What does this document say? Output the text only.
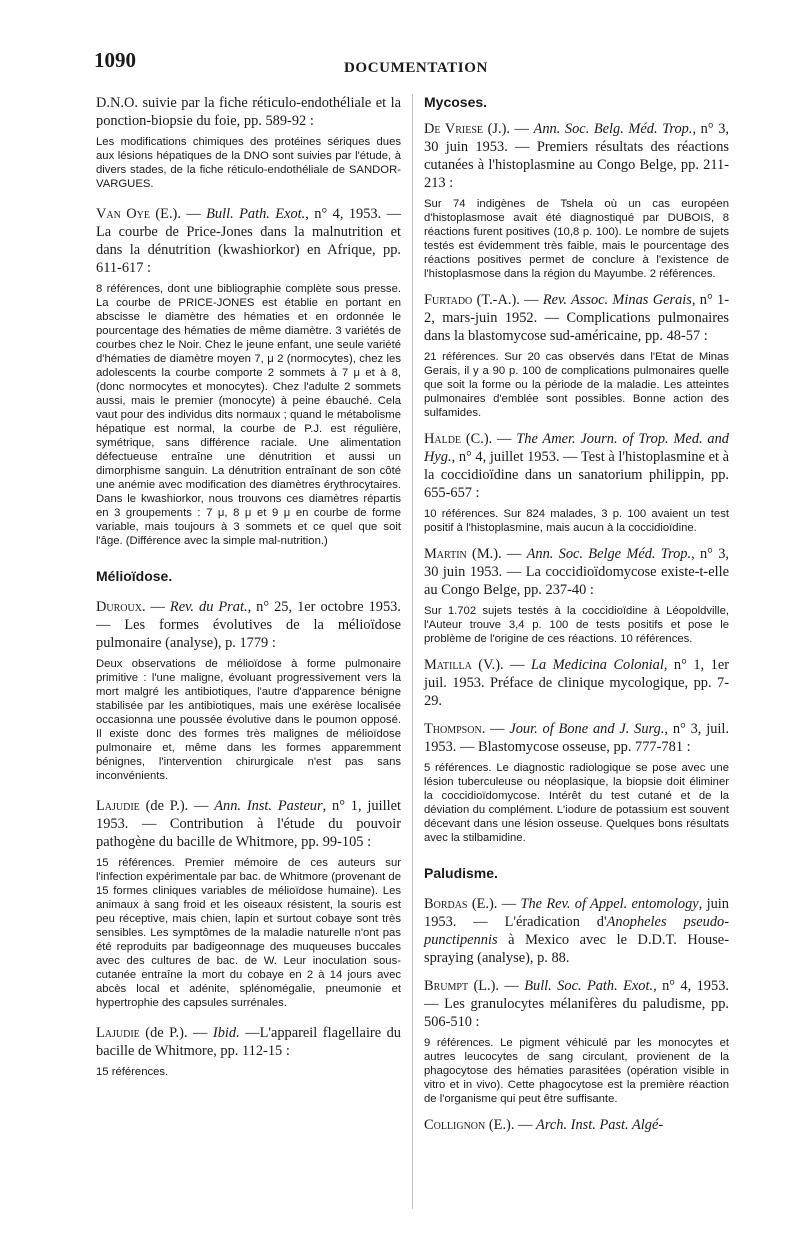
1090	DOCUMENTATION

D.N.O. suivie par la fiche réticulo-endothéliale et la ponction-biopsie du foie, pp. 589-92 :

Les modifications chimiques des protéines sériques dues aux lésions hépatiques de la DNO sont suivies par l'étude, à divers stades, de la fiche réticulo-endothéliale de SANDOR-VARGUES.

Van Oye (E.). — Bull. Path. Exot., n° 4, 1953. — La courbe de Price-Jones dans la malnutrition et dans la dénutrition (kwashiorkor) en Afrique, pp. 611-617 :

8 références, dont une bibliographie complète sous presse. La courbe de PRICE-JONES est établie en portant en abscisse le diamètre des hématies et en ordonnée le pourcentage des hématies de même diamètre. 3 variétés de courbes chez le Noir. Chez le jeune enfant, une seule variété d'hématies de diamètre moyen 7, μ 2 (normocytes), chez les adolescents la courbe comporte 2 sommets à 7 μ et à 8, (donc normocytes et monocytes). Chez l'adulte 2 sommets aussi, mais le premier (monocyte) à peine ébauché. Cela vaut pour des individus dits normaux ; quand le métabolisme hépatique est normal, la courbe de P.J. est régulière, symétrique, sans différence raciale. Une alimentation défectueuse entraîne une dénutrition et aussi un dimorphisme sanguin. La dénutrition entraînant de son côté une anémie avec modification des diamètres érythrocytaires. Dans le kwashiorkor, nous trouvons ces diamètres répartis en 3 groupements : 7 μ, 8 μ et 9 μ en courbe de forme variable, mais toujours à 3 sommets et ce quel que soit l'âge. (Différence avec la simple mal-nutrition.)

Mélioïdose.

Duroux. — Rev. du Prat., n° 25, 1er octobre 1953. — Les formes évolutives de la mélioïdose pulmonaire (analyse), p. 1779 :

Deux observations de mélioïdose à forme pulmonaire primitive : l'une maligne, évoluant progressivement vers la mort malgré les antibiotiques, l'autre d'apparence bénigne stabilisée par les antibiotiques, mais une exérèse localisée occasionna une poussée évolutive dans le poumon opposé. Il existe donc des formes très malignes de mélioïdose pulmonaire et, même dans les formes apparemment bénignes, l'intervention chirurgicale n'est pas sans inconvénients.

Lajudie (de P.). — Ann. Inst. Pasteur, n° 1, juillet 1953. — Contribution à l'étude du pouvoir pathogène du bacille de Whitmore, pp. 99-105 :

15 références. Premier mémoire de ces auteurs sur l'infection expérimentale par bac. de Whitmore (provenant de 15 formes cliniques variables de mélioïdose humaine). Les animaux à sang froid et les oiseaux résistent, la souris est peu réceptive, mais chien, lapin et surtout cobaye sont très sensibles. Les symptômes de la maladie naturelle n'ont pas été reproduits par badigeonnage des muqueuses buccales avec des cultures de bac. de W. Leur inoculation sous-cutanée entraîne la mort du cobaye en 2 à 14 jours avec abcès local et adénite, splénomégalie, pneumonie et hypertrophie des capsules surrénales.

Lajudie (de P.). — Ibid. —L'appareil flagellaire du bacille de Whitmore, pp. 112-15 :

15 références.

Mycoses.

De Vriese (J.). — Ann. Soc. Belg. Méd. Trop., n° 3, 30 juin 1953. — Premiers résultats des réactions cutanées à l'histoplasmine au Congo Belge, pp. 211-213 :

Sur 74 indigènes de Tshela où un cas européen d'histoplasmose avait été diagnostiqué par DUBOIS, 8 réactions furent positives (10,8 p. 100). Le nombre de sujets testés est évidemment très faible, mais le pourcentage des réactions positives permet de conclure à l'existence de l'histoplasmose dans la région du Mayumbe. 2 références.

Furtado (T.-A.). — Rev. Assoc. Minas Gerais, n° 1-2, mars-juin 1952. — Complications pulmonaires dans la blastomycose sud-américaine, pp. 48-57 :

21 références. Sur 20 cas observés dans l'Etat de Minas Gerais, il y a 90 p. 100 de complications pulmonaires quelle que soit la forme ou la période de la maladie. Les atteintes pulmonaires d'emblée sont possibles. Bonne action des sulfamides.

Halde (C.). — The Amer. Journ. of Trop. Med. and Hyg., n° 4, juillet 1953. — Test à l'histoplasmine et à la coccidioïdine dans un sanatorium philippin, pp. 655-657 :

10 références. Sur 824 malades, 3 p. 100 avaient un test positif à l'histoplasmine, mais aucun à la coccidioïdine.

Martin (M.). — Ann. Soc. Belge Méd. Trop., n° 3, 30 juin 1953. — La coccidioïdomycose existe-t-elle au Congo Belge, pp. 237-40 :

Sur 1.702 sujets testés à la coccidioïdine à Léopoldville, l'Auteur trouve 3,4 p. 100 de tests positifs et pose le problème de l'origine de ces réactions. 10 références.

Matilla (V.). — La Medicina Colonial, n° 1, 1er juil. 1953. Préface de clinique mycologique, pp. 7-29.

Thompson. — Jour. of Bone and J. Surg., n° 3, juil. 1953. — Blastomycose osseuse, pp. 777-781 :

5 références. Le diagnostic radiologique se pose avec une lésion tuberculeuse ou néoplasique, la biopsie doit éliminer la coccidioïdomycose. Intérêt du test cutané et de la déviation du complément. L'iodure de potassium est souvent décevant dans une lésion osseuse. Quelques bons résultats avec la stilbamidine.

Paludisme.

Bordas (E.). — The Rev. of Appel. entomology, juin 1953. — L'éradication d'Anopheles pseudo-punctipennis à Mexico avec le D.D.T. House-spraying (analyse), p. 88.

Brumpt (L.). — Bull. Soc. Path. Exot., n° 4, 1953. — Les granulocytes mélanifères du paludisme, pp. 506-510 :

9 références. Le pigment véhiculé par les monocytes et autres leucocytes de sang circulant, provienent de la phagocytose des hématies parasitées (opération visible in vitro et in vivo). Cette phagocytose est la première réaction de l'organisme qui peut être suffisante.

Collignon (E.). — Arch. Inst. Past. Algé-
